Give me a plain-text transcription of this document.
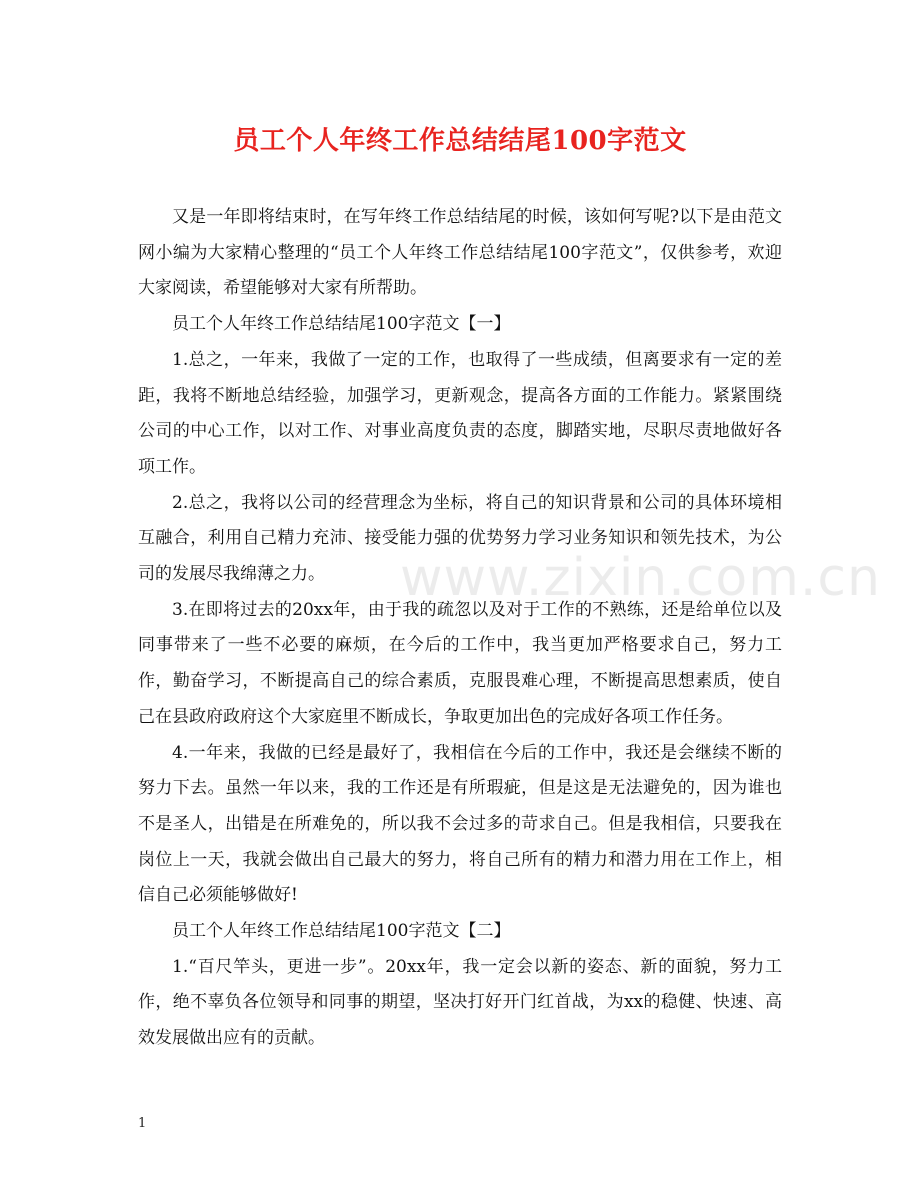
员工个人年终工作总结结尾100字范文

又是一年即将结束时，在写年终工作总结结尾的时候，该如何写呢?以下是由范文网小编为大家精心整理的“员工个人年终工作总结结尾100字范文”，仅供参考，欢迎大家阅读，希望能够对大家有所帮助。

员工个人年终工作总结结尾100字范文【一】

1.总之，一年来，我做了一定的工作，也取得了一些成绩，但离要求有一定的差距，我将不断地总结经验，加强学习，更新观念，提高各方面的工作能力。紧紧围绕公司的中心工作，以对工作、对事业高度负责的态度，脚踏实地，尽职尽责地做好各项工作。

2.总之，我将以公司的经营理念为坐标，将自己的知识背景和公司的具体环境相互融合，利用自己精力充沛、接受能力强的优势努力学习业务知识和领先技术，为公司的发展尽我绵薄之力。

3.在即将过去的20xx年，由于我的疏忽以及对于工作的不熟练，还是给单位以及同事带来了一些不必要的麻烦，在今后的工作中，我当更加严格要求自己，努力工作，勤奋学习，不断提高自己的综合素质，克服畏难心理，不断提高思想素质，使自己在县政府政府这个大家庭里不断成长，争取更加出色的完成好各项工作任务。

4.一年来，我做的已经是最好了，我相信在今后的工作中，我还是会继续不断的努力下去。虽然一年以来，我的工作还是有所瑕疵，但是这是无法避免的，因为谁也不是圣人，出错是在所难免的，所以我不会过多的苛求自己。但是我相信，只要我在岗位上一天，我就会做出自己最大的努力，将自己所有的精力和潜力用在工作上，相信自己必须能够做好!

员工个人年终工作总结结尾100字范文【二】

1.“百尺竿头，更进一步”。20xx年，我一定会以新的姿态、新的面貌，努力工作，绝不辜负各位领导和同事的期望，坚决打好开门红首战，为xx的稳健、快速、高效发展做出应有的贡献。

www.zixin.com.cn
1
